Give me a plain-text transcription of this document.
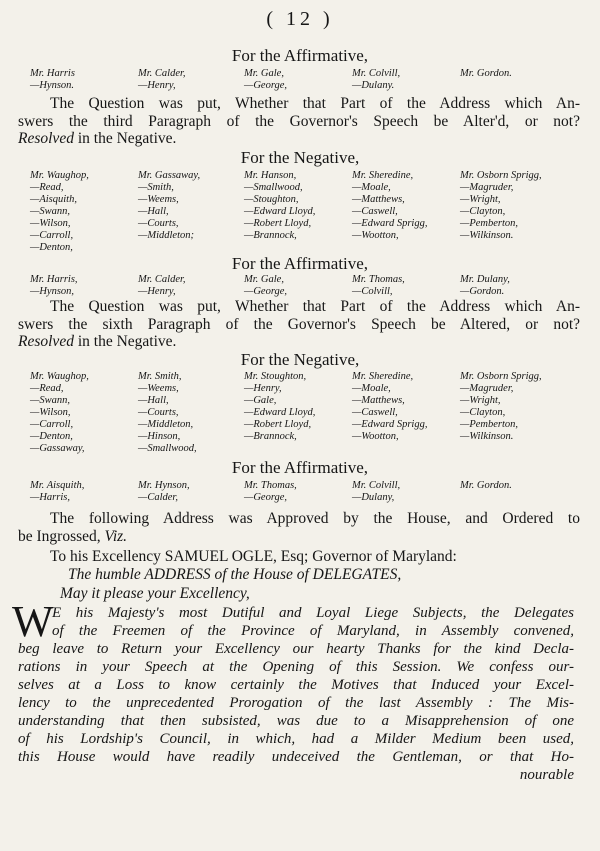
( 12 )
For the Affirmative,
Mr. Harris	Mr. Calder,	Mr. Gale,	Mr. Colvill,	Mr. Gordon.
—Hynson.	—Henry,	—George,	—Dulany.
The Question was put, Whether that Part of the Address which An-
swers the third Paragraph of the Governor's Speech be Alter'd, or not?
Resolved in the Negative.
For the Negative,
Mr. Waughop,	Mr. Gassaway,	Mr. Hanson,	Mr. Sheredine,	Mr. Osborn Sprigg,
—Read,	—Smith,	—Smallwood,	—Moale,	—Magruder,
—Aisquith,	—Weems,	—Stoughton,	—Matthews,	—Wright,
—Swann,	—Hall,	—Edward Lloyd,	—Caswell,	—Clayton,
—Wilson,	—Courts,	—Robert Lloyd,	—Edward Sprigg,	—Pemberton,
—Carroll,	—Middleton;	—Brannock,	—Wootton,	—Wilkinson.
—Denton,
For the Affirmative,
Mr. Harris,	Mr. Calder,	Mr. Gale,	Mr. Thomas,	Mr. Dulany,
—Hynson,	—Henry,	—George,	—Colvill,	—Gordon.
The Question was put, Whether that Part of the Address which An-
swers the sixth Paragraph of the Governor's Speech be Altered, or not?
Resolved in the Negative.
For the Negative,
Mr. Waughop,	Mr. Smith,	Mr. Stoughton,	Mr. Sheredine,	Mr. Osborn Sprigg,
—Read,	—Weems,	—Henry,	—Moale,	—Magruder,
—Swann,	—Hall,	—Gale,	—Matthews,	—Wright,
—Wilson,	—Courts,	—Edward Lloyd,	—Caswell,	—Clayton,
—Carroll,	—Middleton,	—Robert Lloyd,	—Edward Sprigg,	—Pemberton,
—Denton,	—Hinson,	—Brannock,	—Wootton,	—Wilkinson.
—Gassaway,	—Smallwood,
For the Affirmative,
Mr. Aisquith,	Mr. Hynson,	Mr. Thomas,	Mr. Colvill,	Mr. Gordon.
—Harris,	—Calder,	—George,	—Dulany,
The following Address was Approved by the House, and Ordered to
be Ingrossed, Viz.
To his Excellency SAMUEL OGLE, Esq; Governor of Maryland:
The humble ADDRESS of the House of DELEGATES,
May it please your Excellency,
W
E his Majesty's most Dutiful and Loyal Liege Subjects, the Delegates
of the Freemen of the Province of Maryland, in Assembly convened,
beg leave to Return your Excellency our hearty Thanks for the kind Decla-
rations in your Speech at the Opening of this Session. We confess our-
selves at a Loss to know certainly the Motives that Induced your Excel-
lency to the unprecedented Prorogation of the last Assembly : The Mis-
understanding that then subsisted, was due to a Misapprehension of one
of his Lordship's Council, in which, had a Milder Medium been used,
this House would have readily undeceived the Gentleman, or that Ho-
nourable
